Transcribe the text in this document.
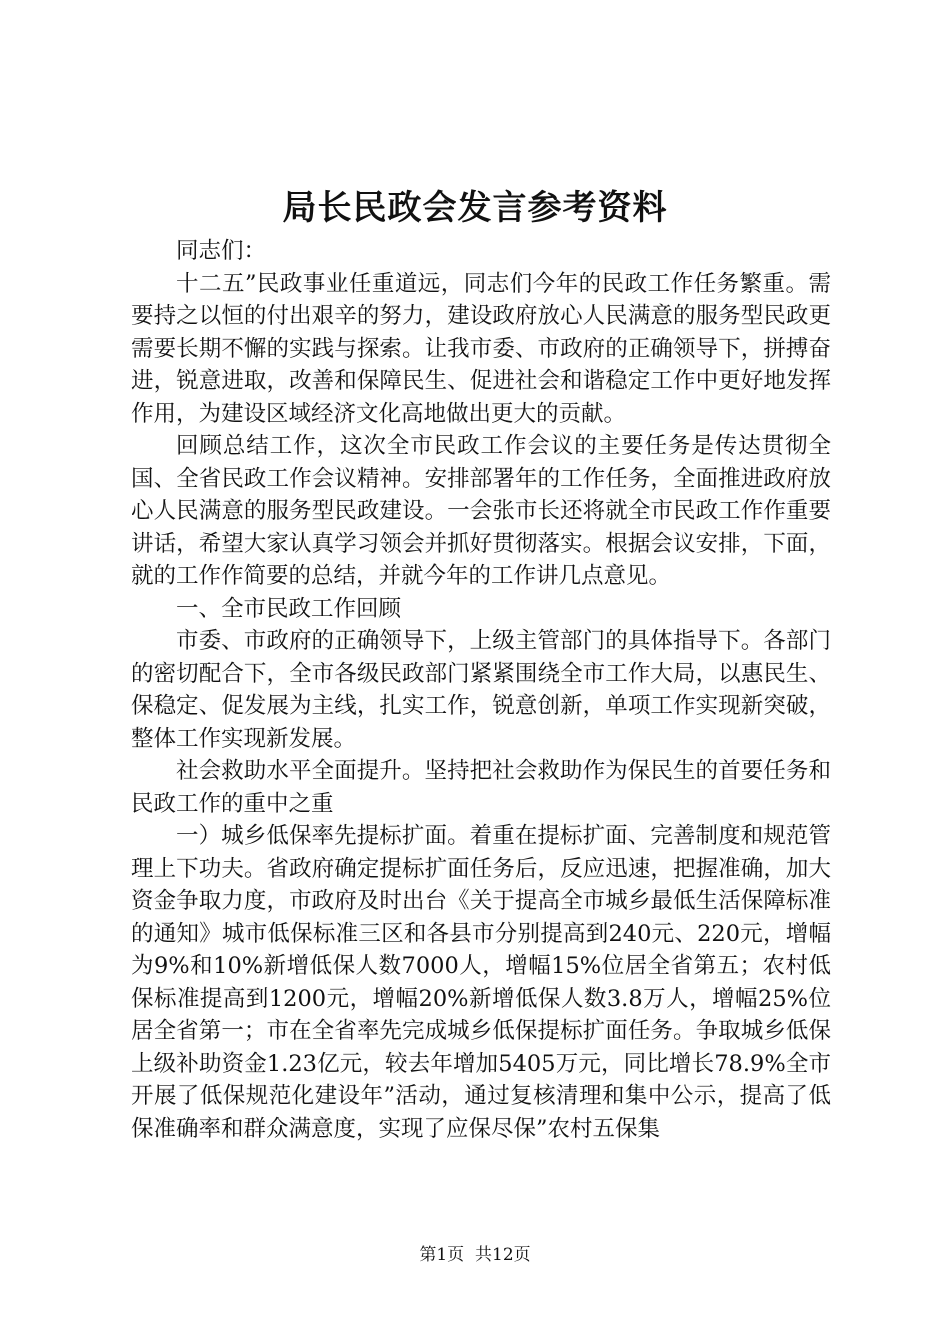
局长民政会发言参考资料

同志们：

十二五”民政事业任重道远，同志们今年的民政工作任务繁重。需要持之以恒的付出艰辛的努力，建设政府放心人民满意的服务型民政更需要长期不懈的实践与探索。让我市委、市政府的正确领导下，拼搏奋进，锐意进取，改善和保障民生、促进社会和谐稳定工作中更好地发挥作用，为建设区域经济文化高地做出更大的贡献。

回顾总结工作，这次全市民政工作会议的主要任务是传达贯彻全国、全省民政工作会议精神。安排部署年的工作任务，全面推进政府放心人民满意的服务型民政建设。一会张市长还将就全市民政工作作重要讲话，希望大家认真学习领会并抓好贯彻落实。根据会议安排，下面，就的工作作简要的总结，并就今年的工作讲几点意见。

一、全市民政工作回顾

市委、市政府的正确领导下，上级主管部门的具体指导下。各部门的密切配合下，全市各级民政部门紧紧围绕全市工作大局，以惠民生、保稳定、促发展为主线，扎实工作，锐意创新，单项工作实现新突破，整体工作实现新发展。

社会救助水平全面提升。坚持把社会救助作为保民生的首要任务和民政工作的重中之重

一）城乡低保率先提标扩面。着重在提标扩面、完善制度和规范管理上下功夫。省政府确定提标扩面任务后，反应迅速，把握准确，加大资金争取力度，市政府及时出台《关于提高全市城乡最低生活保障标准的通知》城市低保标准三区和各县市分别提高到240元、220元，增幅为9%和10%新增低保人数7000人，增幅15%位居全省第五；农村低保标准提高到1200元，增幅20%新增低保人数3.8万人，增幅25%位居全省第一；市在全省率先完成城乡低保提标扩面任务。争取城乡低保上级补助资金1.23亿元，较去年增加5405万元，同比增长78.9%全市开展了低保规范化建设年”活动，通过复核清理和集中公示，提高了低保准确率和群众满意度，实现了应保尽保”农村五保集

第1页 共12页
